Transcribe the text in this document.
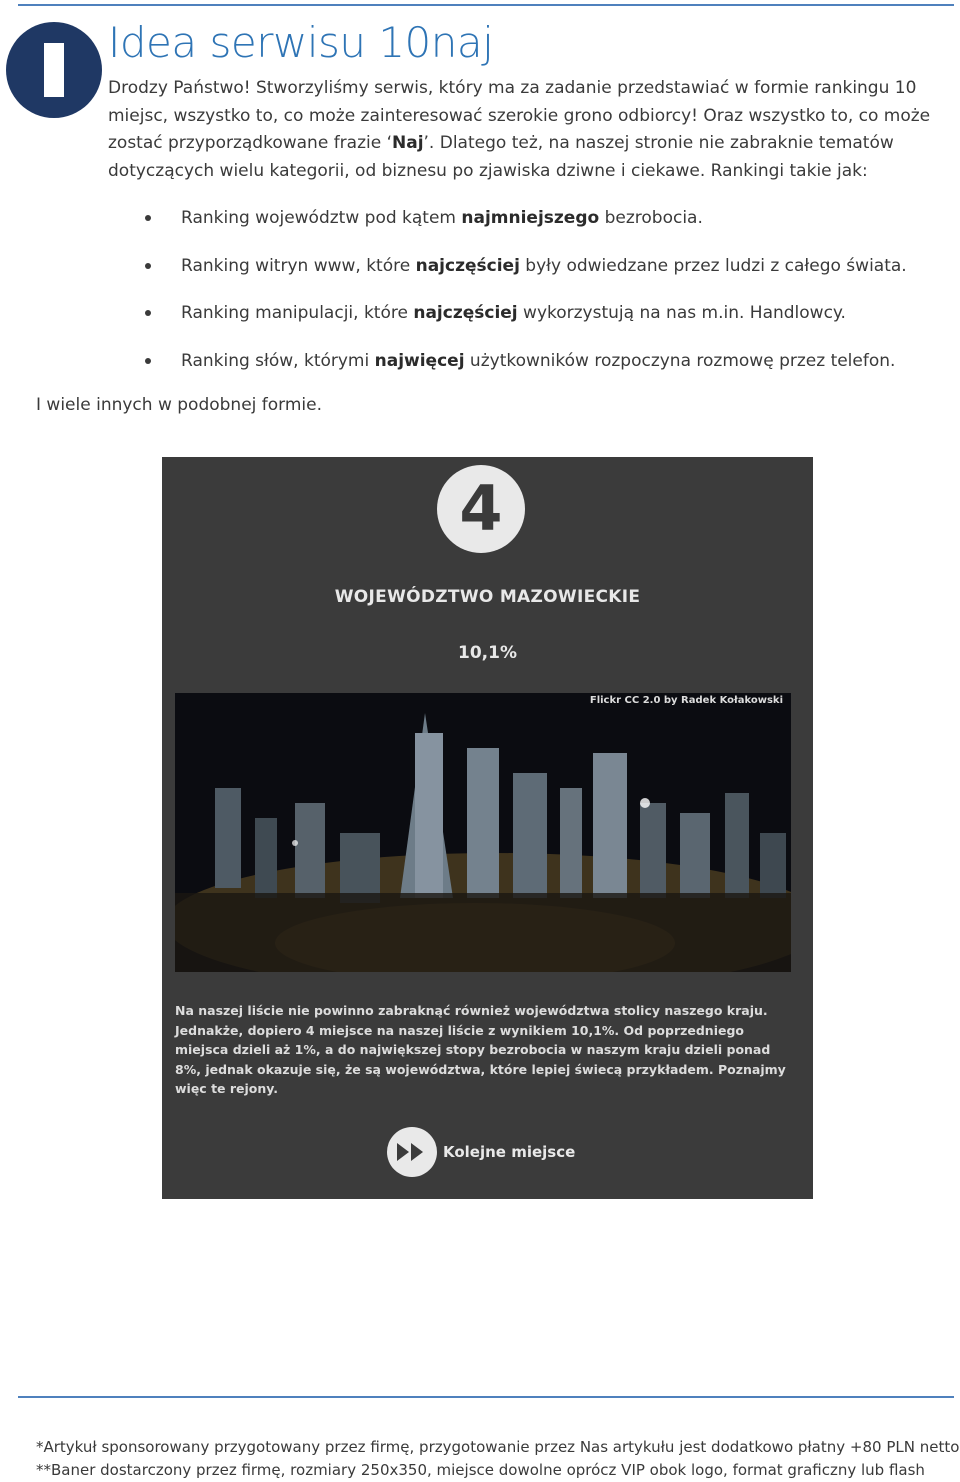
Idea serwisu 10naj

Drodzy Państwo! Stworzyliśmy serwis, który ma za zadanie przedstawiać w formie rankingu 10 miejsc, wszystko to, co może zainteresować szerokie grono odbiorcy! Oraz wszystko to, co może zostać przyporządkowane frazie ‘Naj’. Dlatego też, na naszej stronie nie zabraknie tematów dotyczących wielu kategorii, od biznesu po zjawiska dziwne i ciekawe. Rankingi takie jak:

Ranking województw pod kątem najmniejszego bezrobocia.
Ranking witryn www, które najczęściej były odwiedzane przez ludzi z całego świata.
Ranking manipulacji, które najczęściej wykorzystują na nas m.in. Handlowcy.
Ranking słów, którymi najwięcej użytkowników rozpoczyna rozmowę przez telefon.

I wiele innych w podobnej formie.

4
WOJEWÓDZTWO MAZOWIECKIE
10,1%
Flickr CC 2.0 by Radek Kołakowski

Na naszej liście nie powinno zabraknąć również województwa stolicy naszego kraju. Jednakże, dopiero 4 miejsce na naszej liście z wynikiem 10,1%. Od poprzedniego miejsca dzieli aż 1%, a do największej stopy bezrobocia w naszym kraju dzieli ponad 8%, jednak okazuje się, że są województwa, które lepiej świecą przykładem. Poznajmy więc te rejony.

Kolejne miejsce
*Artykuł sponsorowany przygotowany przez firmę, przygotowanie przez Nas artykułu jest dodatkowo płatny +80 PLN netto
**Baner dostarczony przez firmę, rozmiary 250x350, miejsce dowolne oprócz VIP obok logo, format graficzny lub flash
